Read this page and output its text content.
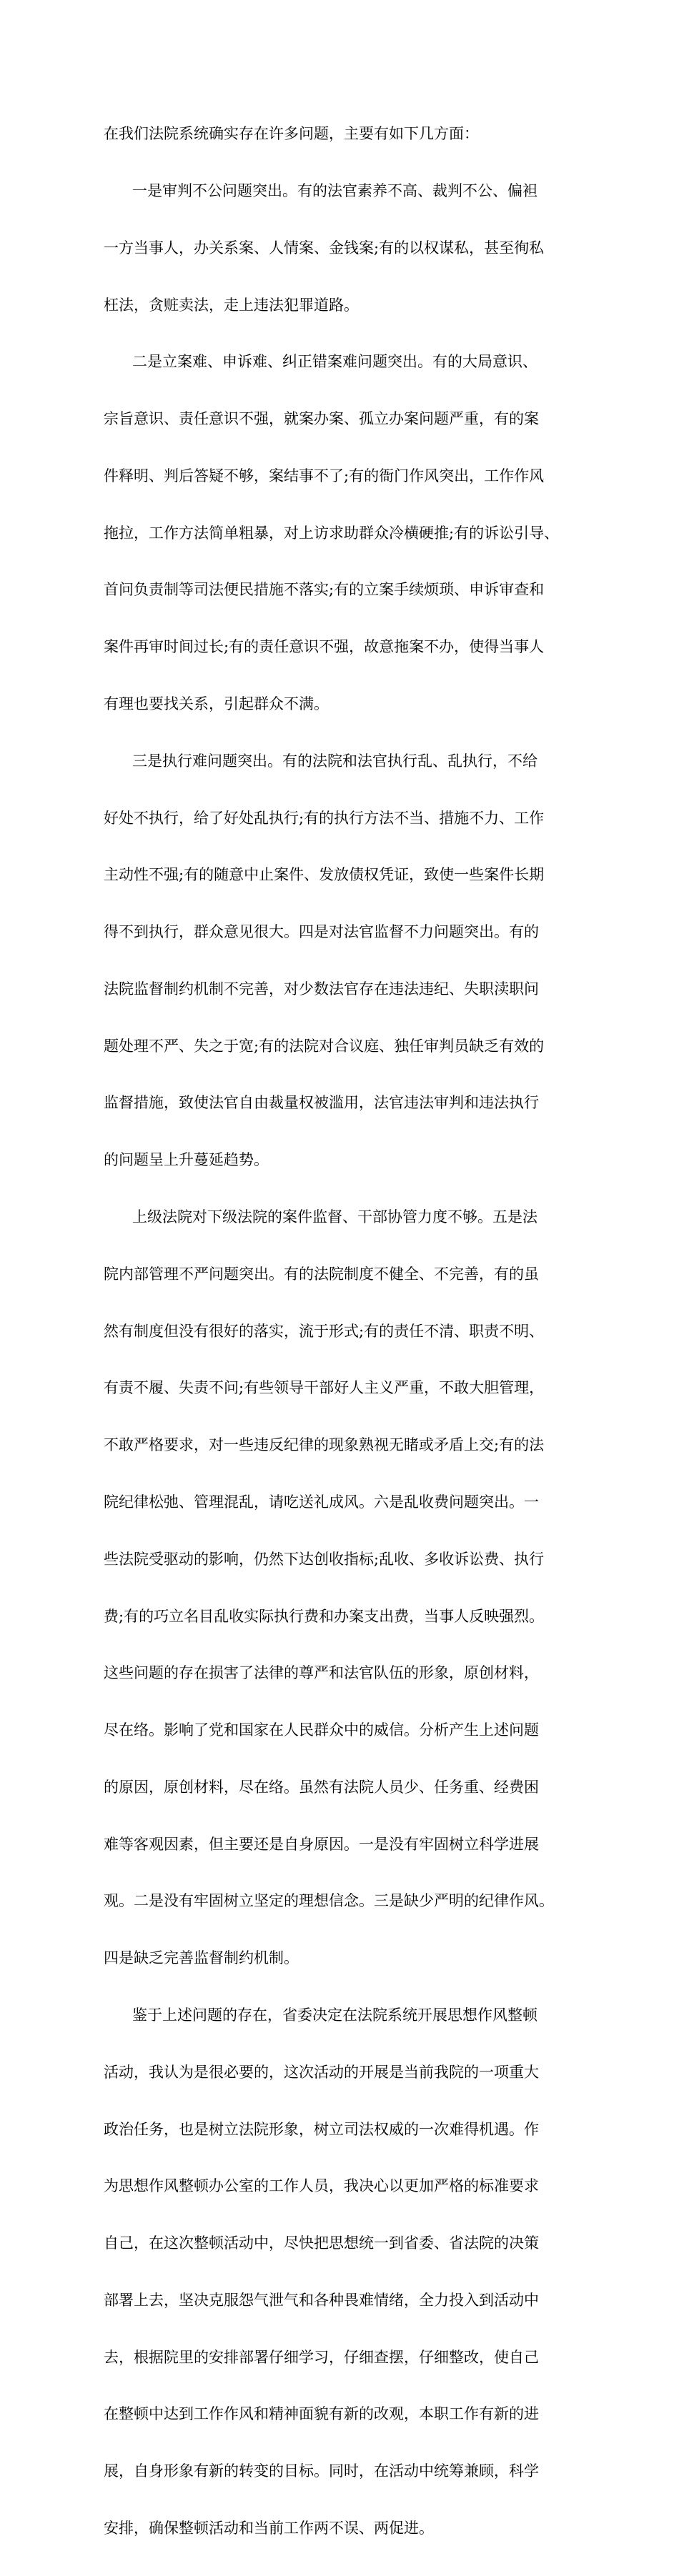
在我们法院系统确实存在许多问题，主要有如下几方面：

一是审判不公问题突出。有的法官素养不高、裁判不公、偏袒

一方当事人，办关系案、人情案、金钱案;有的以权谋私，甚至徇私

枉法，贪赃卖法，走上违法犯罪道路。

二是立案难、申诉难、纠正错案难问题突出。有的大局意识、

宗旨意识、责任意识不强，就案办案、孤立办案问题严重，有的案

件释明、判后答疑不够，案结事不了;有的衙门作风突出，工作作风

拖拉，工作方法简单粗暴，对上访求助群众冷横硬推;有的诉讼引导、

首问负责制等司法便民措施不落实;有的立案手续烦琐、申诉审查和

案件再审时间过长;有的责任意识不强，故意拖案不办，使得当事人

有理也要找关系，引起群众不满。

三是执行难问题突出。有的法院和法官执行乱、乱执行，不给

好处不执行，给了好处乱执行;有的执行方法不当、措施不力、工作

主动性不强;有的随意中止案件、发放债权凭证，致使一些案件长期

得不到执行，群众意见很大。四是对法官监督不力问题突出。有的

法院监督制约机制不完善，对少数法官存在违法违纪、失职渎职问

题处理不严、失之于宽;有的法院对合议庭、独任审判员缺乏有效的

监督措施，致使法官自由裁量权被滥用，法官违法审判和违法执行

的问题呈上升蔓延趋势。

上级法院对下级法院的案件监督、干部协管力度不够。五是法

院内部管理不严问题突出。有的法院制度不健全、不完善，有的虽

然有制度但没有很好的落实，流于形式;有的责任不清、职责不明、

有责不履、失责不问;有些领导干部好人主义严重，不敢大胆管理，

不敢严格要求，对一些违反纪律的现象熟视无睹或矛盾上交;有的法

院纪律松弛、管理混乱，请吃送礼成风。六是乱收费问题突出。一

些法院受驱动的影响，仍然下达创收指标;乱收、多收诉讼费、执行

费;有的巧立名目乱收实际执行费和办案支出费，当事人反映强烈。

这些问题的存在损害了法律的尊严和法官队伍的形象，原创材料，

尽在络。影响了党和国家在人民群众中的威信。分析产生上述问题

的原因，原创材料，尽在络。虽然有法院人员少、任务重、经费困

难等客观因素，但主要还是自身原因。一是没有牢固树立科学进展

观。二是没有牢固树立坚定的理想信念。三是缺少严明的纪律作风。

四是缺乏完善监督制约机制。

鉴于上述问题的存在，省委决定在法院系统开展思想作风整顿

活动，我认为是很必要的，这次活动的开展是当前我院的一项重大

政治任务，也是树立法院形象，树立司法权威的一次难得机遇。作

为思想作风整顿办公室的工作人员，我决心以更加严格的标准要求

自己，在这次整顿活动中，尽快把思想统一到省委、省法院的决策

部署上去，坚决克服怨气泄气和各种畏难情绪，全力投入到活动中

去，根据院里的安排部署仔细学习，仔细查摆，仔细整改，使自己

在整顿中达到工作作风和精神面貌有新的改观，本职工作有新的进

展，自身形象有新的转变的目标。同时，在活动中统筹兼顾，科学

安排，确保整顿活动和当前工作两不误、两促进。
